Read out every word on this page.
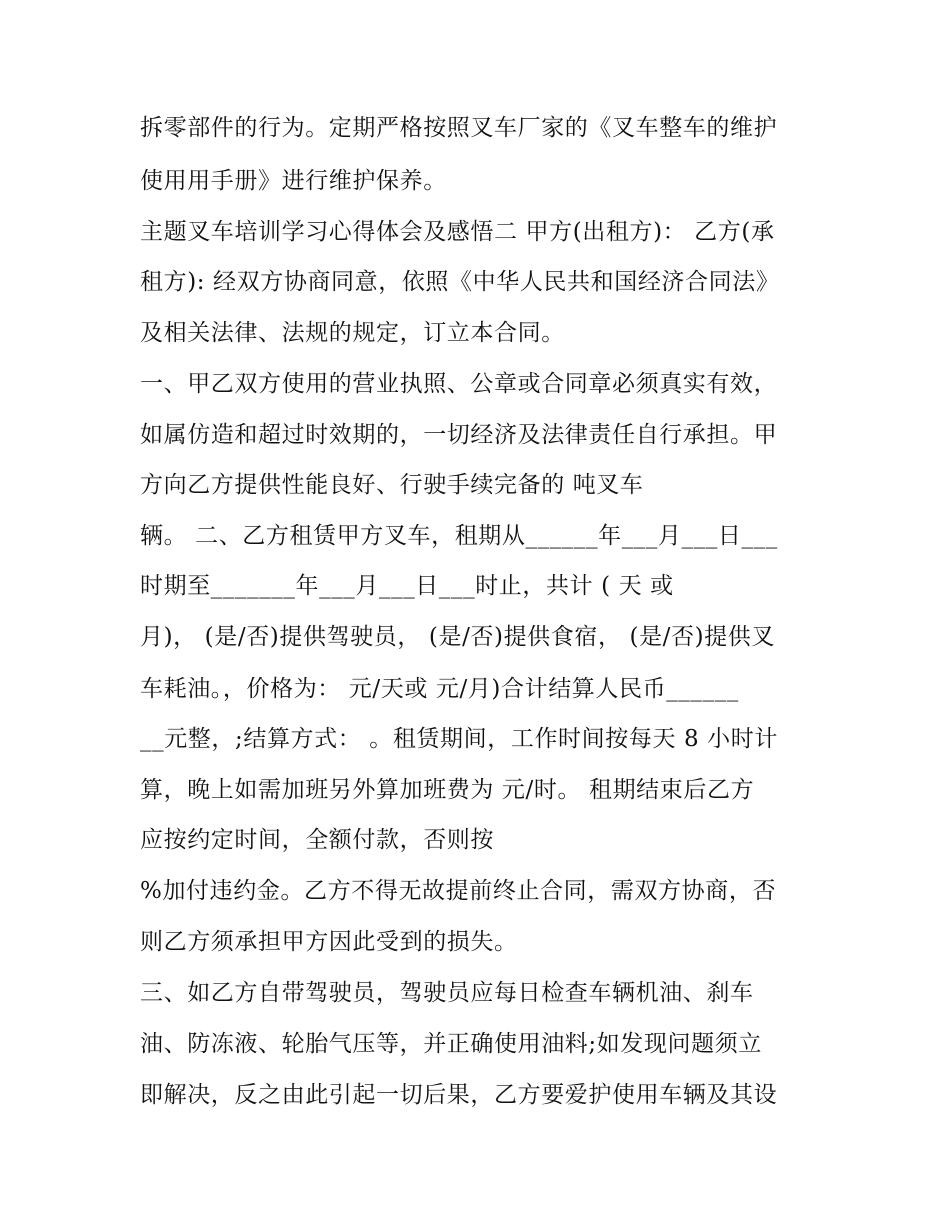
拆零部件的行为。定期严格按照叉车厂家的《叉车整车的维护
使用用手册》进行维护保养。
主题叉车培训学习心得体会及感悟二 甲方(出租方)： 乙方(承
租方): 经双方协商同意，依照《中华人民共和国经济合同法》
及相关法律、法规的规定，订立本合同。
一、甲乙双方使用的营业执照、公章或合同章必须真实有效，
如属仿造和超过时效期的，一切经济及法律责任自行承担。甲
方向乙方提供性能良好、行驶手续完备的 吨叉车
辆。 二、乙方租赁甲方叉车，租期从______年___月___日___
时期至_______年___月___日___时止，共计 ( 天 或
月)， (是/否)提供驾驶员， (是/否)提供食宿， (是/否)提供叉
车耗油。，价格为： 元/天或 元/月)合计结算人民币______
__元整，;结算方式： 。租赁期间，工作时间按每天 8 小时计
算，晚上如需加班另外算加班费为 元/时。 租期结束后乙方
应按约定时间，全额付款，否则按
%加付违约金。乙方不得无故提前终止合同，需双方协商，否
则乙方须承担甲方因此受到的损失。
三、如乙方自带驾驶员，驾驶员应每日检查车辆机油、刹车
油、防冻液、轮胎气压等，并正确使用油料;如发现问题须立
即解决，反之由此引起一切后果，乙方要爱护使用车辆及其设
